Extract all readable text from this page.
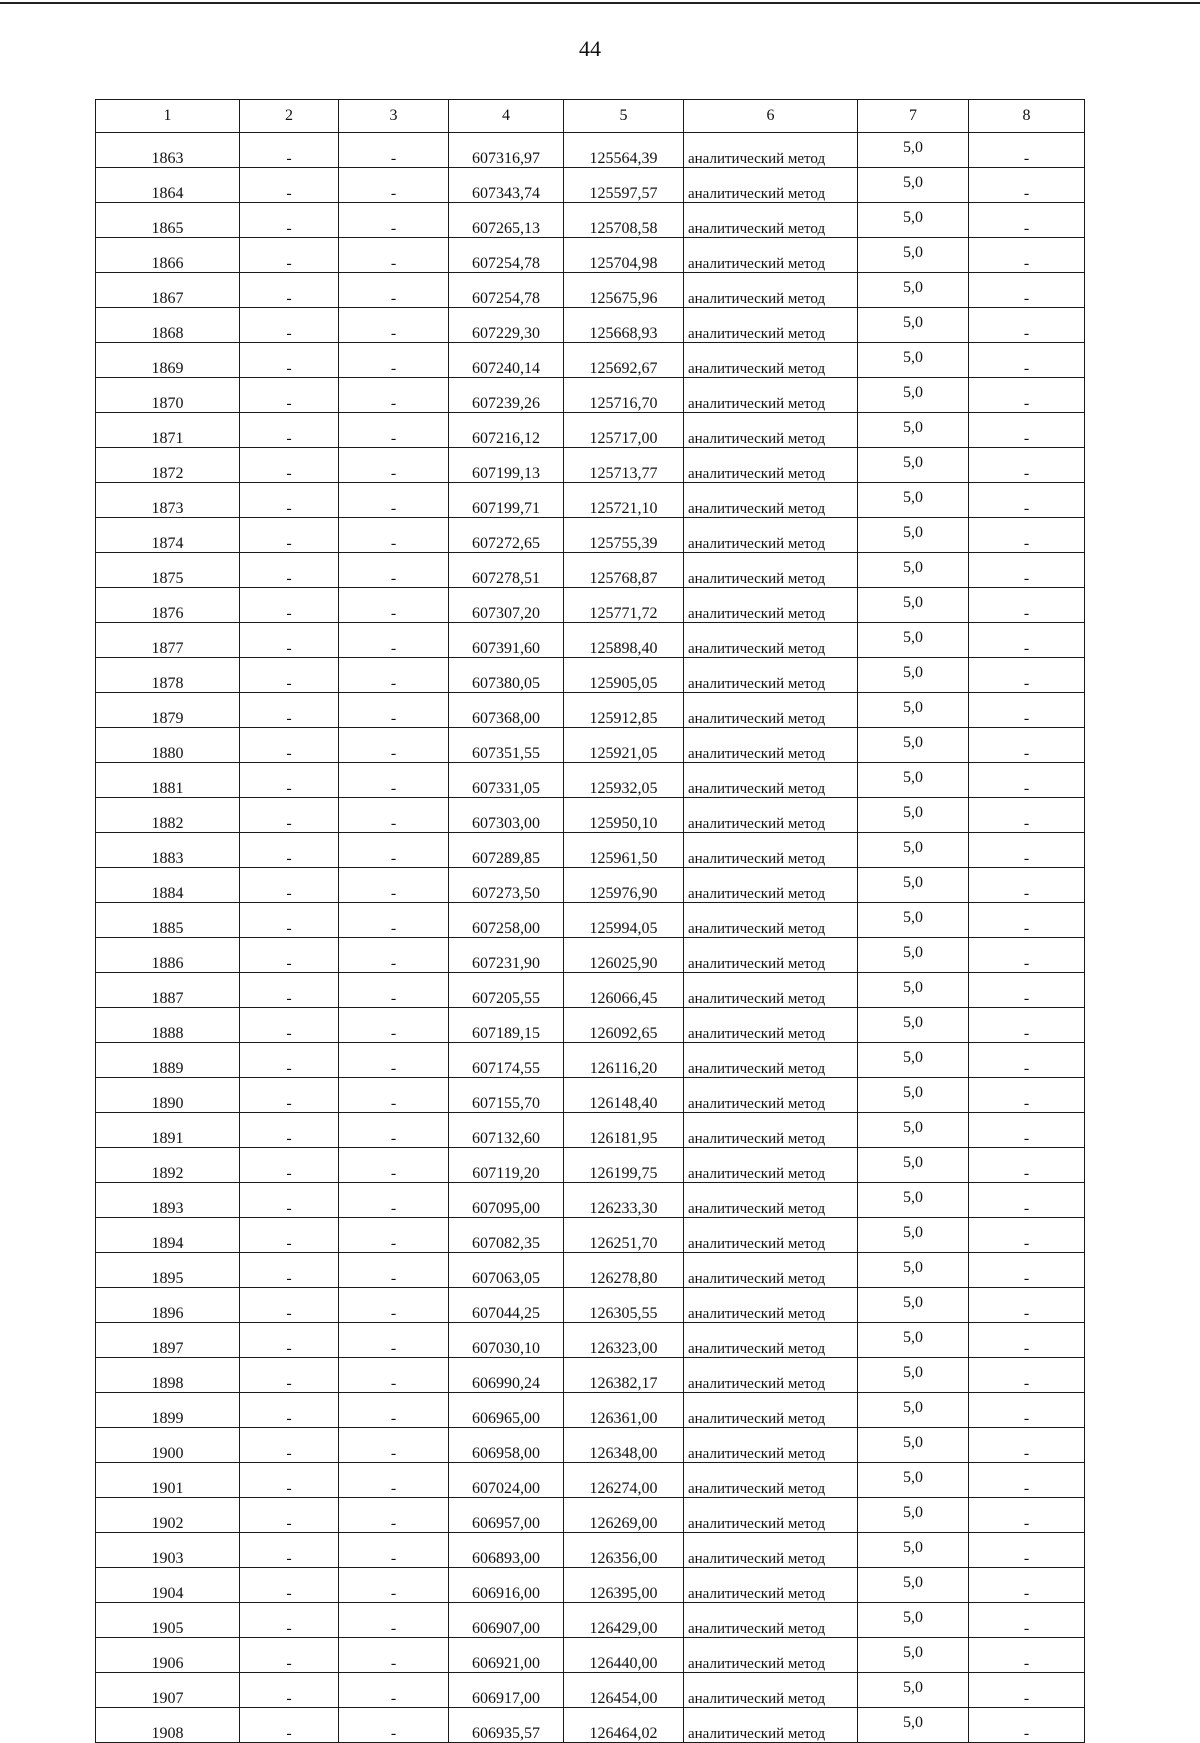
44
1	2	3	4	5	6	7	8
1863	-	-	607316,97	125564,39	аналитический метод	5,0	-
1864	-	-	607343,74	125597,57	аналитический метод	5,0	-
1865	-	-	607265,13	125708,58	аналитический метод	5,0	-
1866	-	-	607254,78	125704,98	аналитический метод	5,0	-
1867	-	-	607254,78	125675,96	аналитический метод	5,0	-
1868	-	-	607229,30	125668,93	аналитический метод	5,0	-
1869	-	-	607240,14	125692,67	аналитический метод	5,0	-
1870	-	-	607239,26	125716,70	аналитический метод	5,0	-
1871	-	-	607216,12	125717,00	аналитический метод	5,0	-
1872	-	-	607199,13	125713,77	аналитический метод	5,0	-
1873	-	-	607199,71	125721,10	аналитический метод	5,0	-
1874	-	-	607272,65	125755,39	аналитический метод	5,0	-
1875	-	-	607278,51	125768,87	аналитический метод	5,0	-
1876	-	-	607307,20	125771,72	аналитический метод	5,0	-
1877	-	-	607391,60	125898,40	аналитический метод	5,0	-
1878	-	-	607380,05	125905,05	аналитический метод	5,0	-
1879	-	-	607368,00	125912,85	аналитический метод	5,0	-
1880	-	-	607351,55	125921,05	аналитический метод	5,0	-
1881	-	-	607331,05	125932,05	аналитический метод	5,0	-
1882	-	-	607303,00	125950,10	аналитический метод	5,0	-
1883	-	-	607289,85	125961,50	аналитический метод	5,0	-
1884	-	-	607273,50	125976,90	аналитический метод	5,0	-
1885	-	-	607258,00	125994,05	аналитический метод	5,0	-
1886	-	-	607231,90	126025,90	аналитический метод	5,0	-
1887	-	-	607205,55	126066,45	аналитический метод	5,0	-
1888	-	-	607189,15	126092,65	аналитический метод	5,0	-
1889	-	-	607174,55	126116,20	аналитический метод	5,0	-
1890	-	-	607155,70	126148,40	аналитический метод	5,0	-
1891	-	-	607132,60	126181,95	аналитический метод	5,0	-
1892	-	-	607119,20	126199,75	аналитический метод	5,0	-
1893	-	-	607095,00	126233,30	аналитический метод	5,0	-
1894	-	-	607082,35	126251,70	аналитический метод	5,0	-
1895	-	-	607063,05	126278,80	аналитический метод	5,0	-
1896	-	-	607044,25	126305,55	аналитический метод	5,0	-
1897	-	-	607030,10	126323,00	аналитический метод	5,0	-
1898	-	-	606990,24	126382,17	аналитический метод	5,0	-
1899	-	-	606965,00	126361,00	аналитический метод	5,0	-
1900	-	-	606958,00	126348,00	аналитический метод	5,0	-
1901	-	-	607024,00	126274,00	аналитический метод	5,0	-
1902	-	-	606957,00	126269,00	аналитический метод	5,0	-
1903	-	-	606893,00	126356,00	аналитический метод	5,0	-
1904	-	-	606916,00	126395,00	аналитический метод	5,0	-
1905	-	-	606907,00	126429,00	аналитический метод	5,0	-
1906	-	-	606921,00	126440,00	аналитический метод	5,0	-
1907	-	-	606917,00	126454,00	аналитический метод	5,0	-
1908	-	-	606935,57	126464,02	аналитический метод	5,0	-
